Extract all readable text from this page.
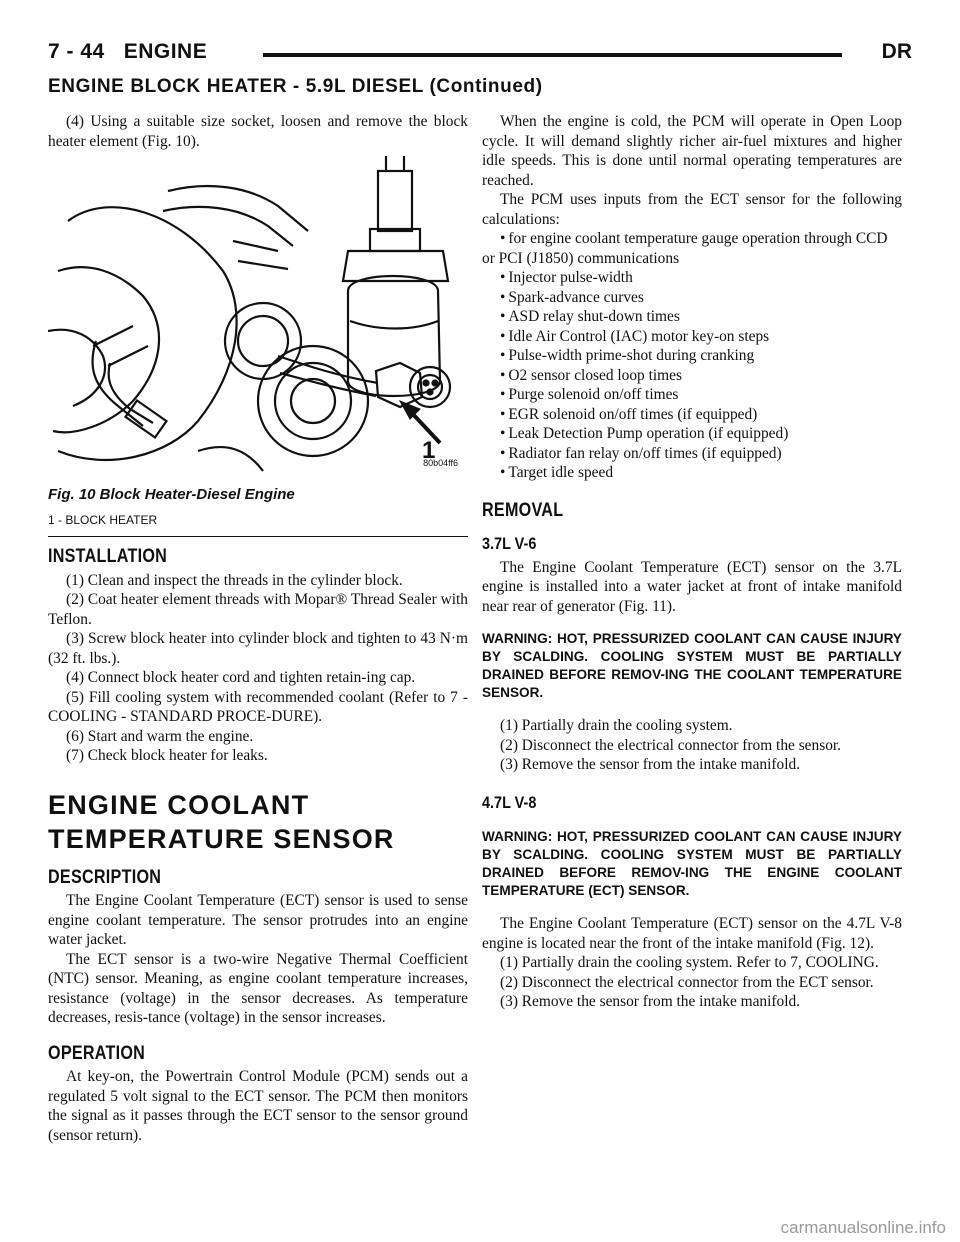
7 - 44 ENGINE	DR
ENGINE BLOCK HEATER - 5.9L DIESEL (Continued)

(4) Using a suitable size socket, loosen and remove the block heater element (Fig. 10).

1
80b04ff6
Fig. 10 Block Heater-Diesel Engine
1 - BLOCK HEATER
INSTALLATION

(1) Clean and inspect the threads in the cylinder block.

(2) Coat heater element threads with Mopar® Thread Sealer with Teflon.

(3) Screw block heater into cylinder block and tighten to 43 N·m (32 ft. lbs.).

(4) Connect block heater cord and tighten retain-ing cap.

(5) Fill cooling system with recommended coolant (Refer to 7 - COOLING - STANDARD PROCE-DURE).

(6) Start and warm the engine.

(7) Check block heater for leaks.

ENGINE COOLANT
TEMPERATURE SENSOR
DESCRIPTION

The Engine Coolant Temperature (ECT) sensor is used to sense engine coolant temperature. The sensor protrudes into an engine water jacket.

The ECT sensor is a two-wire Negative Thermal Coefficient (NTC) sensor. Meaning, as engine coolant temperature increases, resistance (voltage) in the sensor decreases. As temperature decreases, resis-tance (voltage) in the sensor increases.

OPERATION

At key-on, the Powertrain Control Module (PCM) sends out a regulated 5 volt signal to the ECT sensor. The PCM then monitors the signal as it passes through the ECT sensor to the sensor ground (sensor return).

When the engine is cold, the PCM will operate in Open Loop cycle. It will demand slightly richer air-fuel mixtures and higher idle speeds. This is done until normal operating temperatures are reached.

The PCM uses inputs from the ECT sensor for the following calculations:

• for engine coolant temperature gauge operation through CCD or PCI (J1850) communications
• Injector pulse-width
• Spark-advance curves
• ASD relay shut-down times
• Idle Air Control (IAC) motor key-on steps
• Pulse-width prime-shot during cranking
• O2 sensor closed loop times
• Purge solenoid on/off times
• EGR solenoid on/off times (if equipped)
• Leak Detection Pump operation (if equipped)
• Radiator fan relay on/off times (if equipped)
• Target idle speed
REMOVAL
3.7L V-6

The Engine Coolant Temperature (ECT) sensor on the 3.7L engine is installed into a water jacket at front of intake manifold near rear of generator (Fig. 11).

WARNING: HOT, PRESSURIZED COOLANT CAN CAUSE INJURY BY SCALDING. COOLING SYSTEM MUST BE PARTIALLY DRAINED BEFORE REMOV-ING THE COOLANT TEMPERATURE SENSOR.

(1) Partially drain the cooling system.

(2) Disconnect the electrical connector from the sensor.

(3) Remove the sensor from the intake manifold.

4.7L V-8

WARNING: HOT, PRESSURIZED COOLANT CAN CAUSE INJURY BY SCALDING. COOLING SYSTEM MUST BE PARTIALLY DRAINED BEFORE REMOV-ING THE ENGINE COOLANT TEMPERATURE (ECT) SENSOR.

The Engine Coolant Temperature (ECT) sensor on the 4.7L V-8 engine is located near the front of the intake manifold (Fig. 12).

(1) Partially drain the cooling system. Refer to 7, COOLING.

(2) Disconnect the electrical connector from the ECT sensor.

(3) Remove the sensor from the intake manifold.

carmanualsonline.info
